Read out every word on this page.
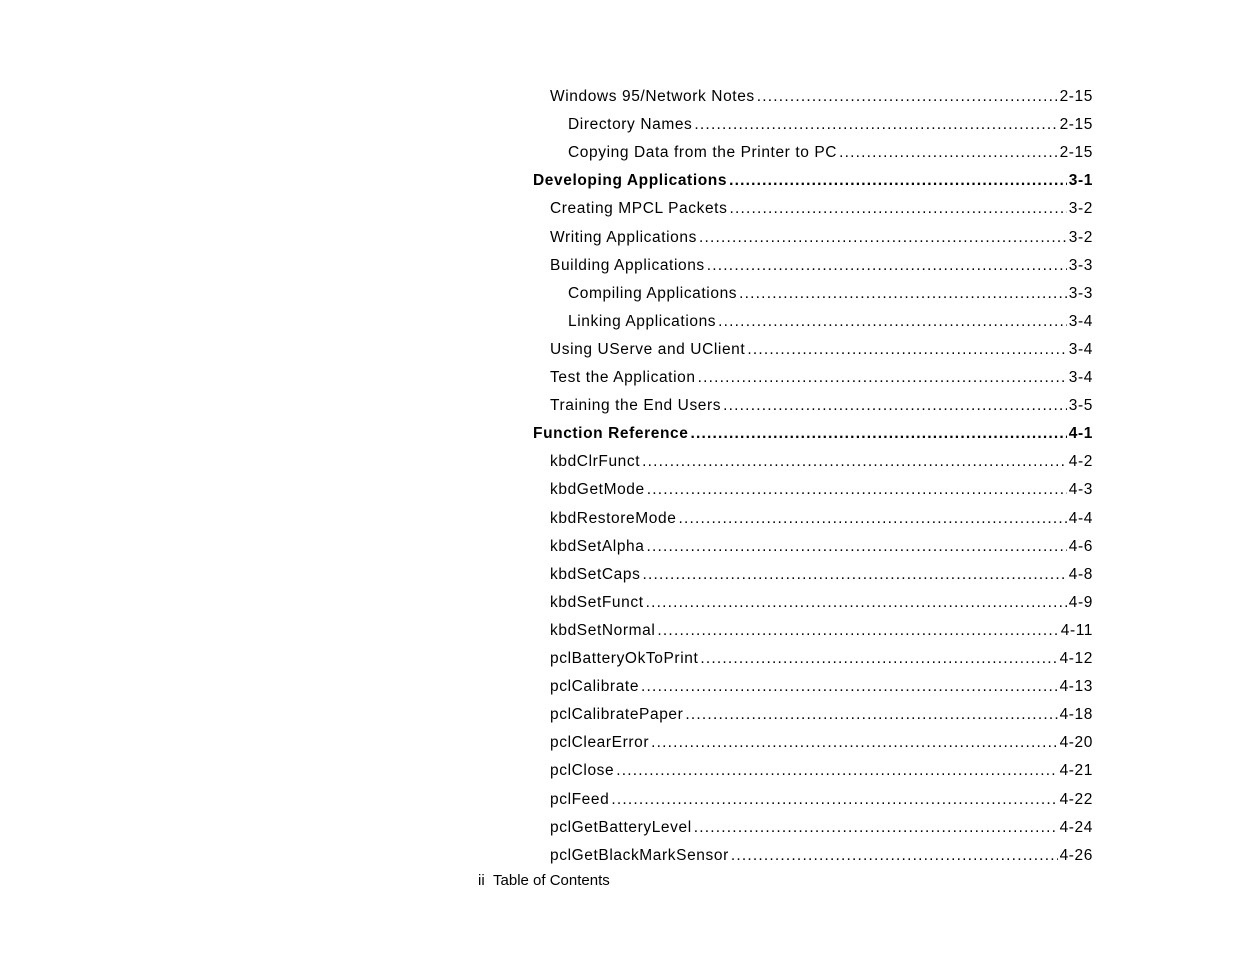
Windows 95/Network Notes .....	2-15
Directory Names .....	2-15
Copying Data from the Printer to PC .....	2-15
Developing Applications .....	3-1
Creating MPCL Packets .....	3-2
Writing Applications .....	3-2
Building Applications .....	3-3
Compiling Applications .....	3-3
Linking Applications .....	3-4
Using UServe and UClient .....	3-4
Test the Application .....	3-4
Training the End Users .....	3-5
Function Reference .....	4-1
kbdClrFunct .....	4-2
kbdGetMode .....	4-3
kbdRestoreMode .....	4-4
kbdSetAlpha .....	4-6
kbdSetCaps .....	4-8
kbdSetFunct .....	4-9
kbdSetNormal .....	4-11
pclBatteryOkToPrint .....	4-12
pclCalibrate .....	4-13
pclCalibratePaper .....	4-18
pclClearError .....	4-20
pclClose .....	4-21
pclFeed .....	4-22
pclGetBatteryLevel .....	4-24
pclGetBlackMarkSensor .....	4-26
ii Table of Contents
